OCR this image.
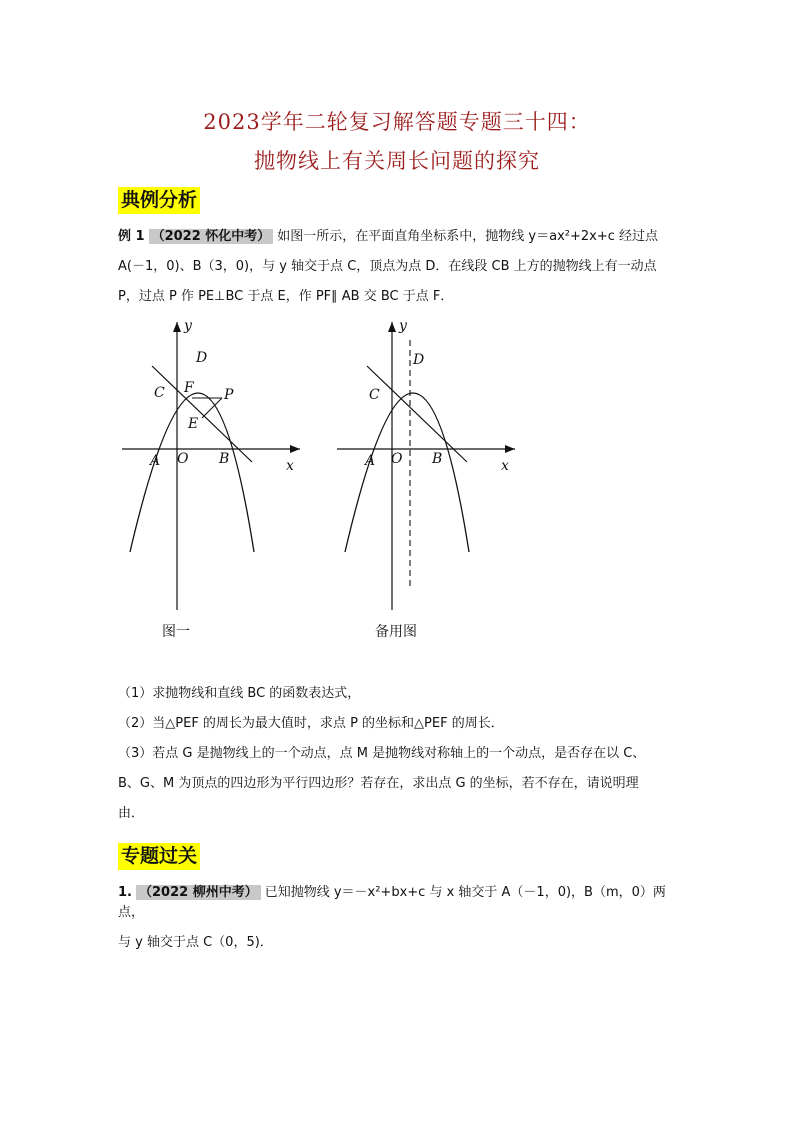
2023学年二轮复习解答题专题三十四：
抛物线上有关周长问题的探究
典例分析
例 1 （2022 怀化中考） 如图一所示，在平面直角坐标系中，抛物线 y＝ax²+2x+c 经过点
A(－1，0)、B（3，0)，与 y 轴交于点 C，顶点为点 D．在线段 CB 上方的抛物线上有一动点
P，过点 P 作 PE⊥BC 于点 E，作 PF∥ AB 交 BC 于点 F．
y
x
D
C F P
E
A O B
图一
y
x
D
C
A O B
备用图
（1）求抛物线和直线 BC 的函数表达式，
（2）当△PEF 的周长为最大值时，求点 P 的坐标和△PEF 的周长．
（3）若点 G 是抛物线上的一个动点，点 M 是抛物线对称轴上的一个动点，是否存在以 C、
B、G、M 为顶点的四边形为平行四边形？若存在，求出点 G 的坐标，若不存在，请说明理
由．
专题过关
1. （2022 柳州中考） 已知抛物线 y＝－x²+bx+c 与 x 轴交于 A（－1，0)，B（m，0）两点，
与 y 轴交于点 C（0，5)．
